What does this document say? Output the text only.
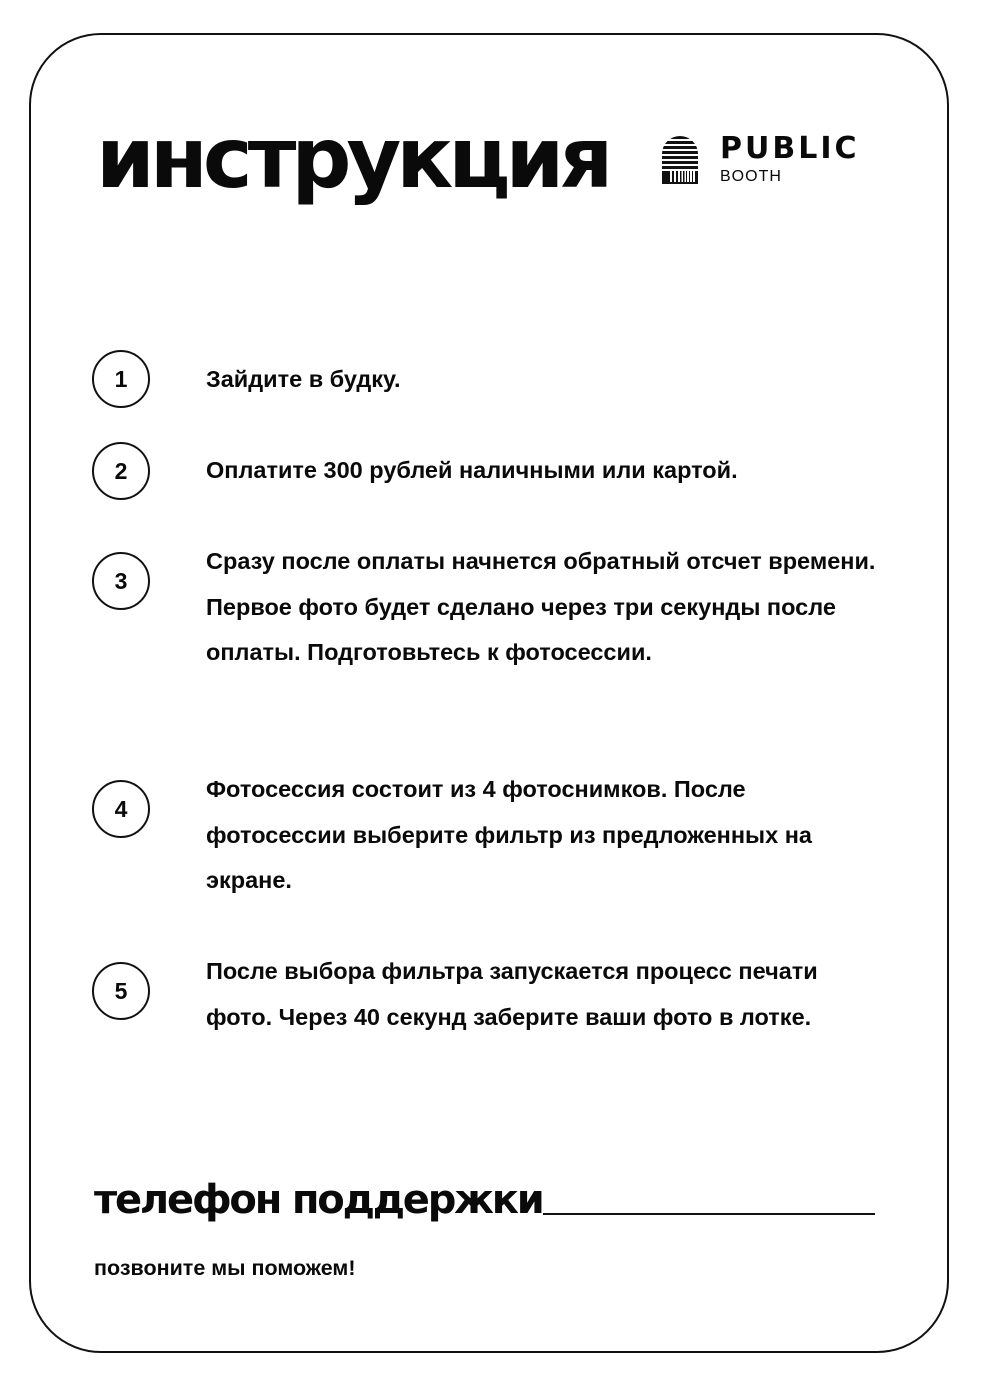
инструкция	PUBLIC
BOOTH
1	Зайдите в будку.

2	Оплатите 300 рублей наличными или картой.

3

Сразу после оплаты начнется обратный отсчет времени. Первое фото будет сделано через три секунды после оплаты. Подготовьтесь к фотосессии.

4

Фотосессия состоит из 4 фотоснимков. После фотосессии выберите фильтр из предложенных на экране.

5

После выбора фильтра запускается процесс печати фото. Через 40 секунд заберите ваши фото в лотке.

телефон поддержки

позвоните мы поможем!
